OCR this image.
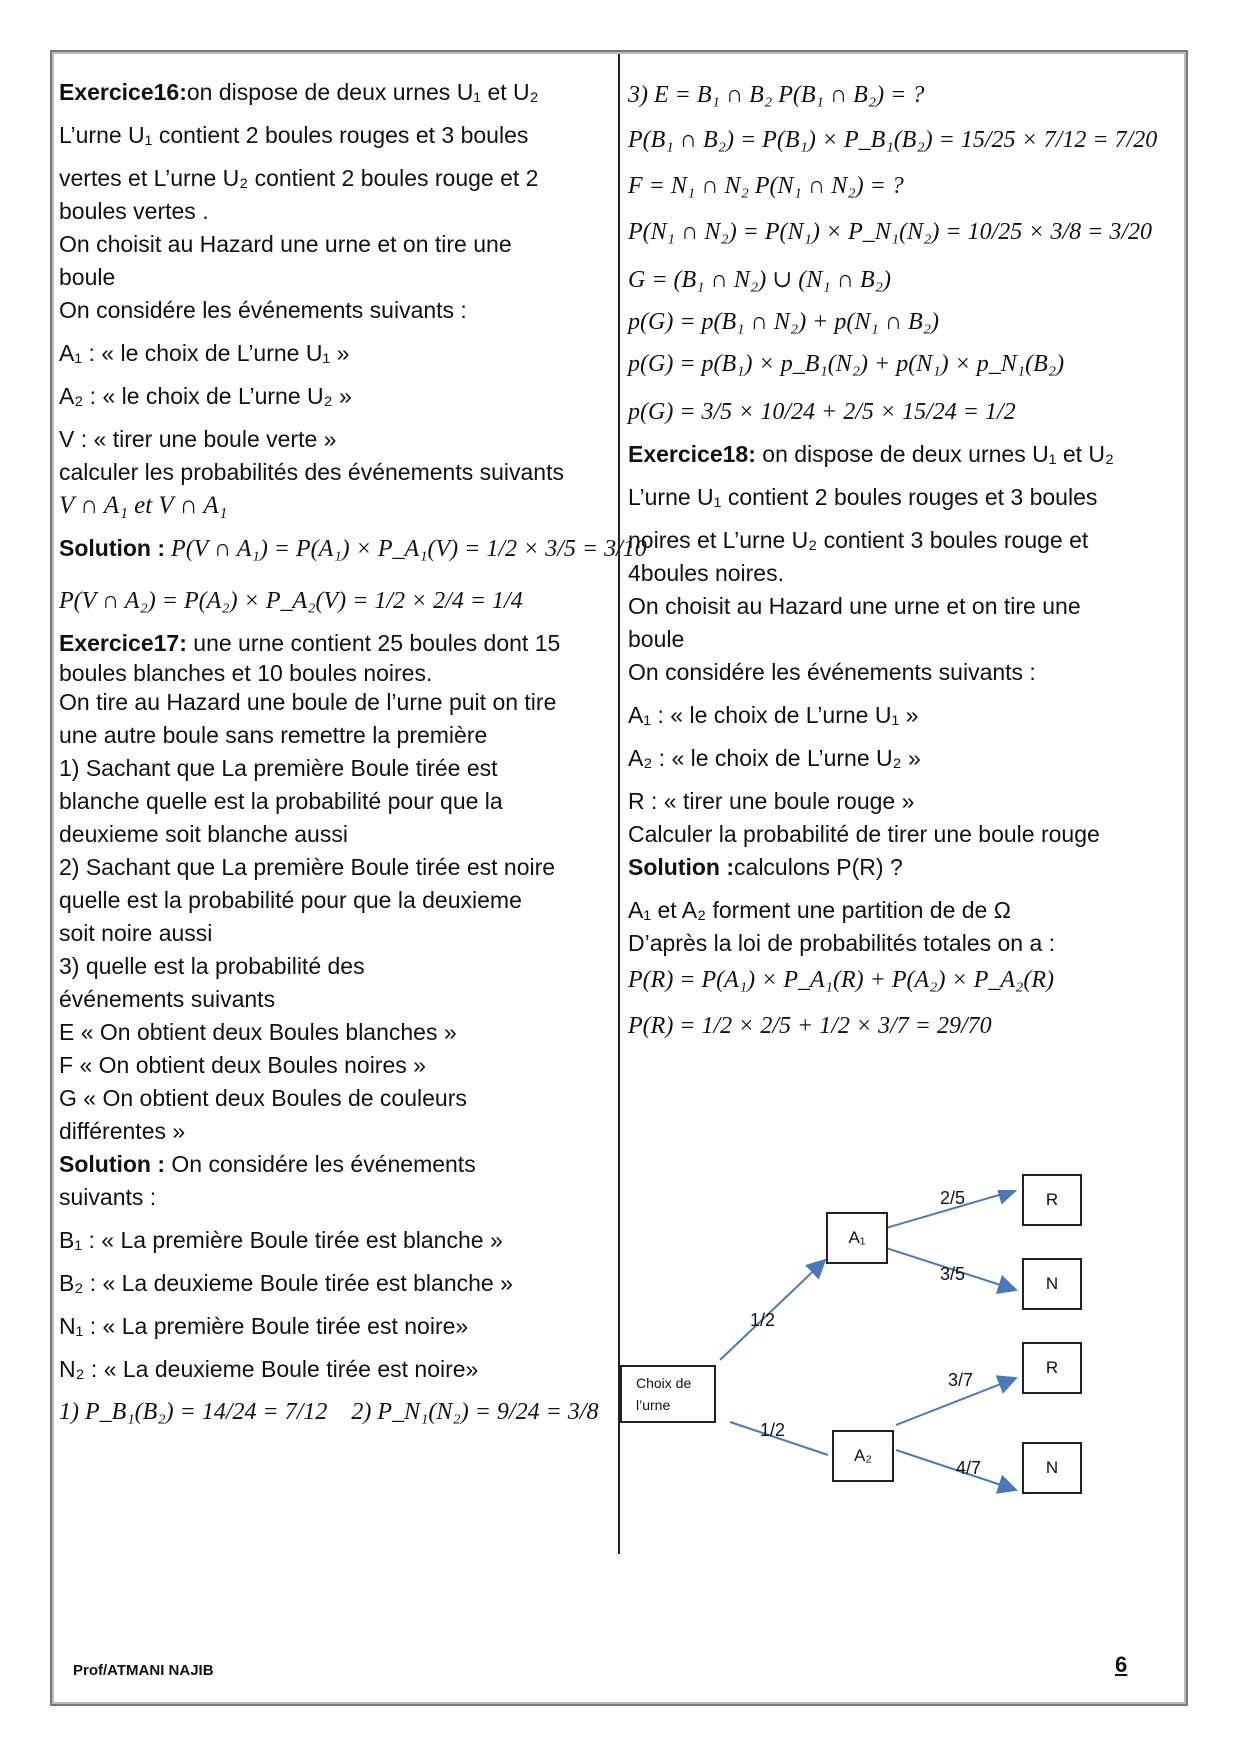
Exercice16:on dispose de deux urnes U₁ et U₂
L’urne U₁ contient 2 boules rouges et 3 boules
vertes et L’urne U₂ contient 2 boules rouge et 2
boules vertes .
On choisit au Hazard une urne et on tire une
boule
On considére les événements suivants :
A₁ : « le choix de L’urne U₁ »
A₂ : « le choix de L’urne U₂ »
V : « tirer une boule verte »
calculer les probabilités des événements suivants
V ∩ A₁ et V ∩ A₁
Solution : P(V ∩ A₁) = P(A₁) × P_A₁(V) = 1/2 × 3/5 = 3/10
P(V ∩ A₂) = P(A₂) × P_A₂(V) = 1/2 × 2/4 = 1/4
Exercice17: une urne contient 25 boules dont 15
boules blanches et 10 boules noires.
On tire au Hazard une boule de l’urne puit on tire
une autre boule sans remettre la première
1) Sachant que La première Boule tirée est
blanche quelle est la probabilité pour que la
deuxieme soit blanche aussi
2) Sachant que La première Boule tirée est noire
quelle est la probabilité pour que la deuxieme
soit noire aussi
3) quelle est la probabilité des
événements suivants
E « On obtient deux Boules blanches »
F « On obtient deux Boules noires »
G « On obtient deux Boules de couleurs
différentes »
Solution : On considére les événements
suivants :
B₁ : « La première Boule tirée est blanche »
B₂ : « La deuxieme Boule tirée est blanche »
N₁ : « La première Boule tirée est noire»
N₂ : « La deuxieme Boule tirée est noire»
1) P_B₁(B₂) = 14/24 = 7/12 2) P_N₁(N₂) = 9/24 = 3/8
3) E = B₁ ∩ B₂ P(B₁ ∩ B₂) = ?
P(B₁ ∩ B₂) = P(B₁) × P_B₁(B₂) = 15/25 × 7/12 = 7/20
F = N₁ ∩ N₂ P(N₁ ∩ N₂) = ?
P(N₁ ∩ N₂) = P(N₁) × P_N₁(N₂) = 10/25 × 3/8 = 3/20
G = (B₁ ∩ N₂) ∪ (N₁ ∩ B₂)
p(G) = p(B₁ ∩ N₂) + p(N₁ ∩ B₂)
p(G) = p(B₁) × p_B₁(N₂) + p(N₁) × p_N₁(B₂)
p(G) = 3/5 × 10/24 + 2/5 × 15/24 = 1/2
Exercice18: on dispose de deux urnes U₁ et U₂
L’urne U₁ contient 2 boules rouges et 3 boules
noires et L’urne U₂ contient 3 boules rouge et
4boules noires.
On choisit au Hazard une urne et on tire une
boule
On considére les événements suivants :
A₁ : « le choix de L’urne U₁ »
A₂ : « le choix de L’urne U₂ »
R : « tirer une boule rouge »
Calculer la probabilité de tirer une boule rouge
Solution :calculons P(R) ?
A₁ et A₂ forment une partition de de Ω
D’après la loi de probabilités totales on a :
P(R) = P(A₁) × P_A₁(R) + P(A₂) × P_A₂(R)
P(R) = 1/2 × 2/5 + 1/2 × 3/7 = 29/70
Choix de l’urne
A₁
A₂
R
N
R
N
1/2
1/2
2/5
3/5
3/7
4/7
Prof/ATMANI NAJIB	6
